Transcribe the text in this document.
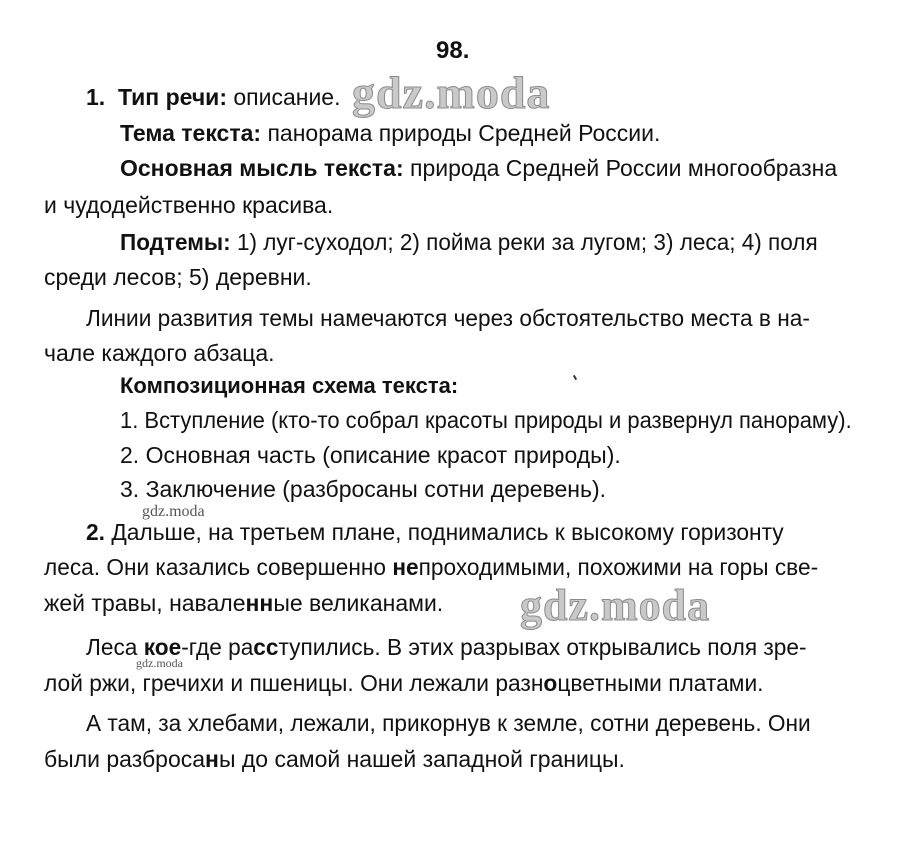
98.
1. Тип речи: описание.
Тема текста: панорама природы Средней России.
Основная мысль текста: природа Средней России многообразна
и чудодейственно красива.
Подтемы: 1) луг-суходол; 2) пойма реки за лугом; 3) леса; 4) поля
среди лесов; 5) деревни.
Линии развития темы намечаются через обстоятельство места в на-
чале каждого абзаца.
Композиционная схема текста:
1. Вступление (кто-то собрал красоты природы и развернул панораму).
2. Основная часть (описание красот природы).
3. Заключение (разбросаны сотни деревень).
2. Дальше, на третьем плане, поднимались к высокому горизонту
леса. Они казались совершенно непроходимыми, похожими на горы све-
жей травы, наваленные великанами.
Леса кое-где расступились. В этих разрывах открывались поля зре-
лой ржи, гречихи и пшеницы. Они лежали разноцветными платами.
А там, за хлебами, лежали, прикорнув к земле, сотни деревень. Они
были разбросаны до самой нашей западной границы.
gdz.moda
gdz.moda
gdz.moda
gdz.moda
